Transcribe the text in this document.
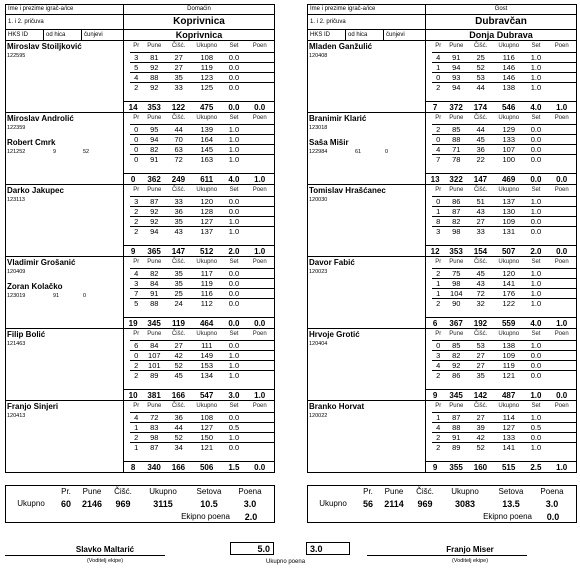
Ime i prezime igrač-a/ice	Domaćin
1. i 2. pričuva	Koprivnica
HKS ID	od hica	čunjevi	Koprivnica
Miroslav Stoiljković
122595
Pr	Pune	Čišć.	Ukupno	Set	Poen
3	81	27	108	0.0
5	92	27	119	0.0
4	88	35	123	0.0
2	92	33	125	0.0
14	353	122	475	0.0	0.0
Miroslav Androlić
122359
Robert Cmrk
121252	9	52
Pr	Pune	Čišć.	Ukupno	Set	Poen
0	95	44	139	1.0
0	94	70	164	1.0
0	82	63	145	1.0
0	91	72	163	1.0
0	362	249	611	4.0	1.0
Darko Jakupec
123113
Pr	Pune	Čišć.	Ukupno	Set	Poen
3	87	33	120	0.0
2	92	36	128	0.0
2	92	35	127	1.0
2	94	43	137	1.0
9	365	147	512	2.0	1.0
Vladimir Grošanić
120409
Zoran Kolačko
123019	91	0
Pr	Pune	Čišć.	Ukupno	Set	Poen
4	82	35	117	0.0
3	84	35	119	0.0
7	91	25	116	0.0
5	88	24	112	0.0
19	345	119	464	0.0	0.0
Filip Bolić
121463
Pr	Pune	Čišć.	Ukupno	Set	Poen
6	84	27	111	0.0
0	107	42	149	1.0
2	101	52	153	1.0
2	89	45	134	1.0
10	381	166	547	3.0	1.0
Franjo Sinjeri
120413
Pr	Pune	Čišć.	Ukupno	Set	Poen
4	72	36	108	0.0
1	83	44	127	0.5
2	98	52	150	1.0
1	87	34	121	0.0
8	340	166	506	1.5	0.0
Ime i prezime igrač-a/ice	Gost
1. i 2. pričuva	Dubravčan
HKS ID	od hica	čunjevi	Donja Dubrava
Mladen Ganžulić
120408
Pr	Pune	Čišć.	Ukupno	Set	Poen
4	91	25	116	1.0
1	94	52	146	1.0
0	93	53	146	1.0
2	94	44	138	1.0
7	372	174	546	4.0	1.0
Branimir Klarić
123018
Saša Mišir
122984	61	0
Pr	Pune	Čišć.	Ukupno	Set	Poen
2	85	44	129	0.0
0	88	45	133	0.0
4	71	36	107	0.0
7	78	22	100	0.0
13	322	147	469	0.0	0.0
Tomislav Hrašćanec
120030
Pr	Pune	Čišć.	Ukupno	Set	Poen
0	86	51	137	1.0
1	87	43	130	1.0
8	82	27	109	0.0
3	98	33	131	0.0
12	353	154	507	2.0	0.0
Davor Fabić
120023
Pr	Pune	Čišć.	Ukupno	Set	Poen
2	75	45	120	1.0
1	98	43	141	1.0
1	104	72	176	1.0
2	90	32	122	1.0
6	367	192	559	4.0	1.0
Hrvoje Grotić
120404
Pr	Pune	Čišć.	Ukupno	Set	Poen
0	85	53	138	1.0
3	82	27	109	0.0
4	92	27	119	0.0
2	86	35	121	0.0
9	345	142	487	1.0	0.0
Branko Horvat
120022
Pr	Pune	Čišć.	Ukupno	Set	Poen
1	87	27	114	1.0
4	88	39	127	0.5
2	91	42	133	0.0
2	89	52	141	1.0
9	355	160	515	2.5	1.0
Pr.	Pune	Čišć.	Ukupno	Setova	Poena
Ukupno	60	2146	969	3115	10.5	3.0
Ekipno poena	2.0
Pr.	Pune	Čišć.	Ukupno	Setova	Poena
Ukupno	56	2114	969	3083	13.5	3.0
Ekipno poena	0.0
Slavko Maltarić
(Voditelj ekipe)
5.0	3.0
Ukupno poena
Franjo Miser
(Voditelj ekipe)
